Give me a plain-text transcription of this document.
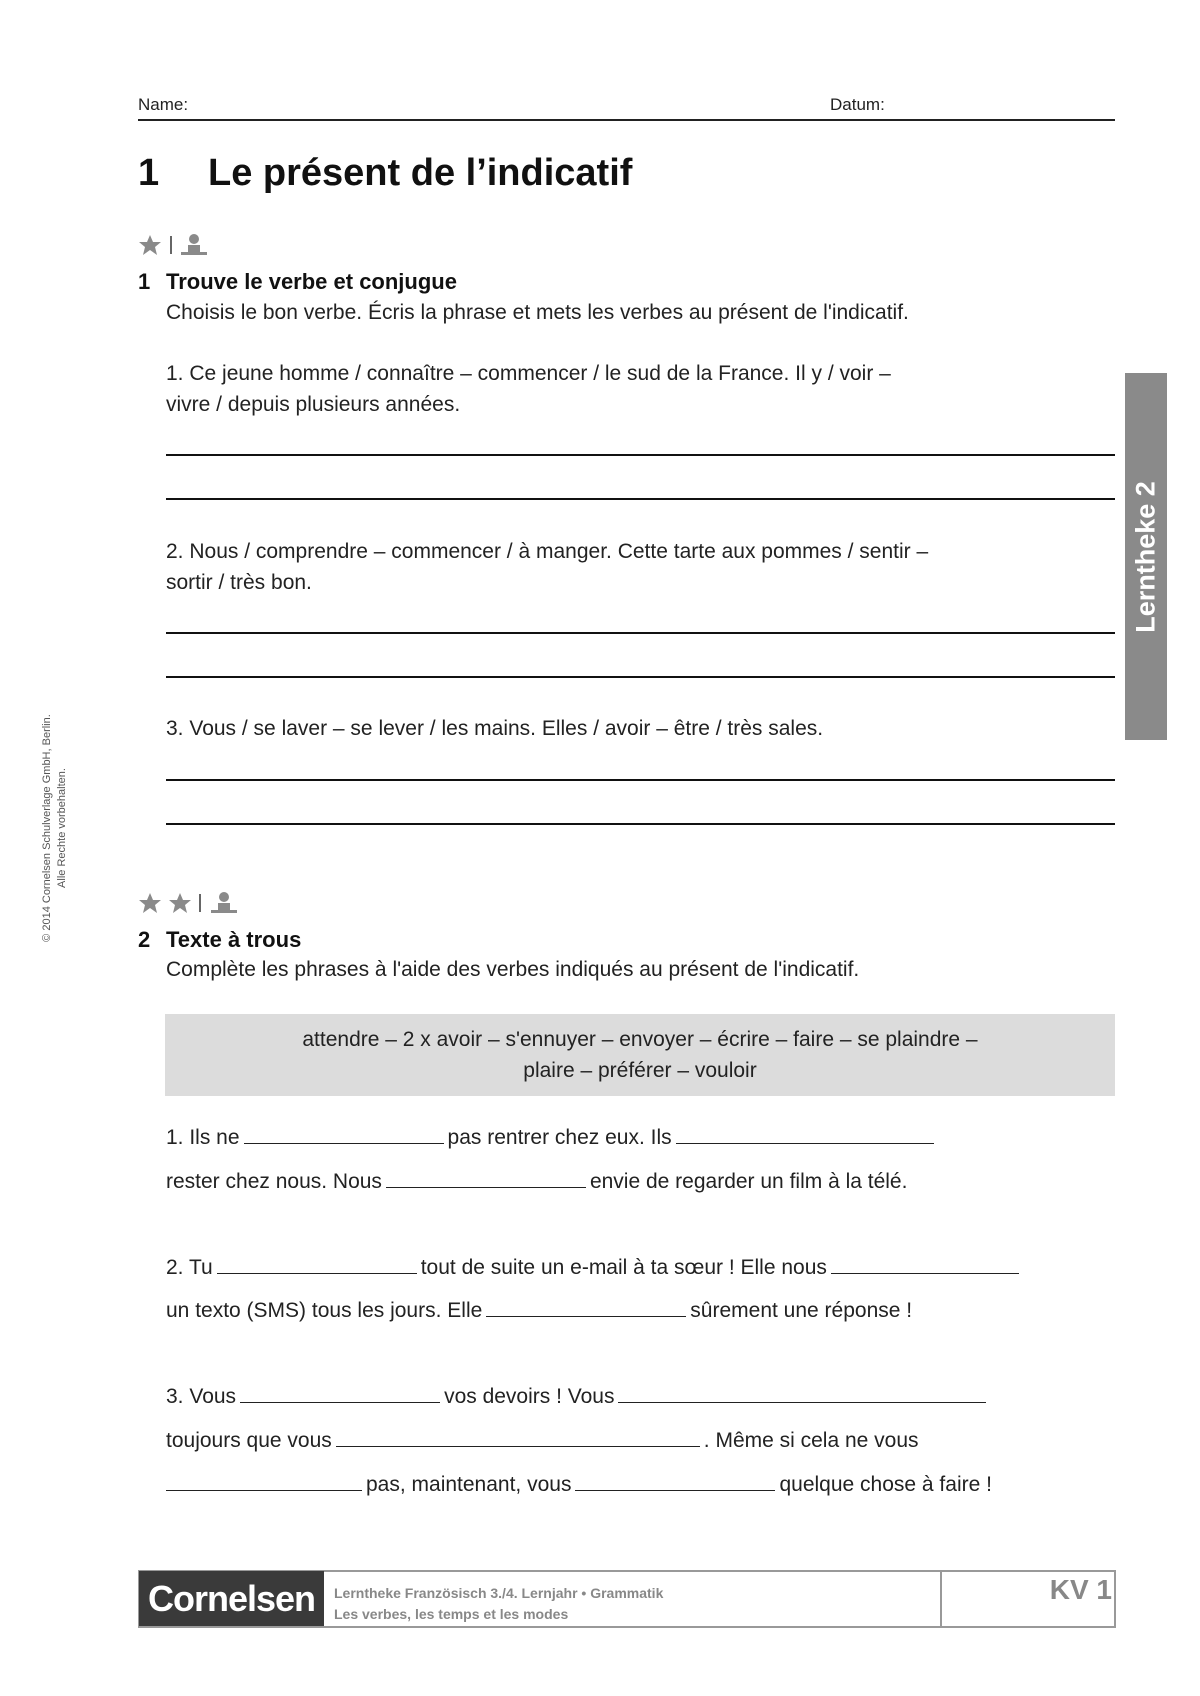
Name:	Datum:
1 Le présent de l’indicatif
© 2014 Cornelsen Schulverlage GmbH, Berlin. Alle Rechte vorbehalten.
Lerntheke 2

1 Trouve le verbe et conjugue
Choisis le bon verbe. Écris la phrase et mets les verbes au présent de l'indicatif.
1. Ce jeune homme / connaître – commencer / le sud de la France. Il y / voir –
vivre / depuis plusieurs années.
2. Nous / comprendre – commencer / à manger. Cette tarte aux pommes / sentir –
sortir / très bon.
3. Vous / se laver – se lever / les mains. Elles / avoir – être / très sales.

2 Texte à trous
Complète les phrases à l'aide des verbes indiqués au présent de l'indicatif.
attendre – 2 x avoir – s'ennuyer – envoyer – écrire – faire – se plaindre –
plaire – préférer – vouloir
1. Ils ne	pas rentrer chez eux. Ils
rester chez nous. Nous	envie de regarder un film à la télé.
2. Tu	tout de suite un e-mail à ta sœur ! Elle nous
un texto (SMS) tous les jours. Elle	sûrement une réponse !
3. Vous	vos devoirs ! Vous
toujours que vous	. Même si cela ne vous
pas, maintenant, vous	quelque chose à faire !
Cornelsen	Lerntheke Französisch 3./4. Lernjahr • Grammatik
Les verbes, les temps et les modes
KV 1
